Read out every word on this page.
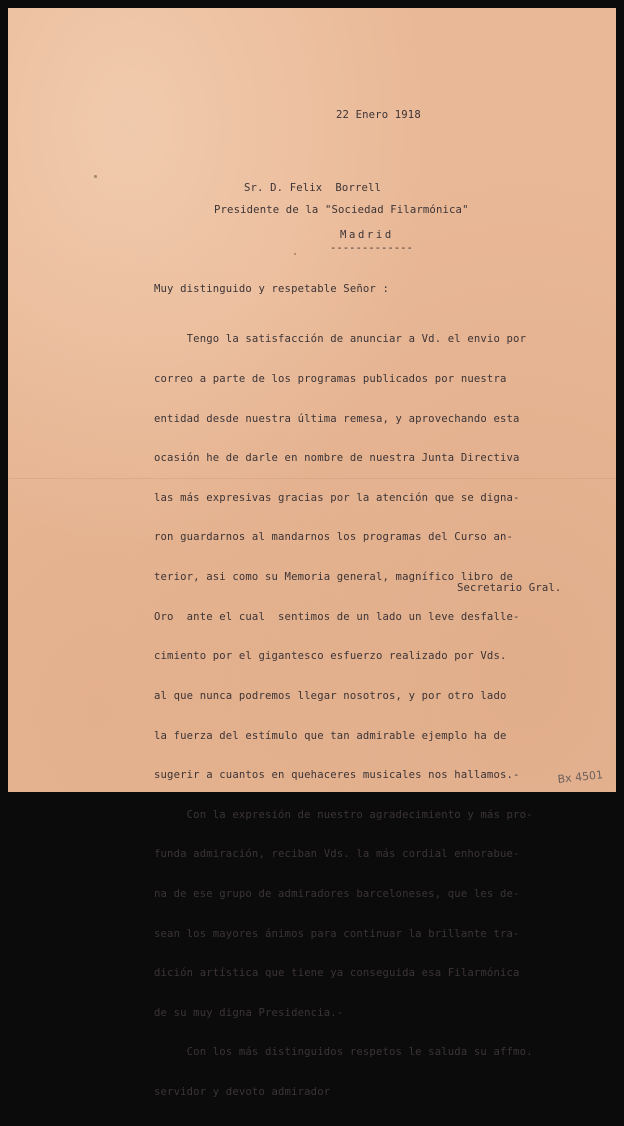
22 Enero 1918
Sr. D. Felix  Borrell
Presidente de la "Sociedad Filarmónica"
Madrid
-------------
Muy distinguido y respetable Señor :

Tengo la satisfacción de anunciar a Vd. el envio por

correo a parte de los programas publicados por nuestra

entidad desde nuestra última remesa, y aprovechando esta

ocasión he de darle en nombre de nuestra Junta Directiva

las más expresivas gracias por la atención que se digna-

ron guardarnos al mandarnos los programas del Curso an-

terior, asi como su Memoria general, magnífico libro de

Oro  ante el cual  sentimos de un lado un leve desfalle-

cimiento por el gigantesco esfuerzo realizado por Vds.

al que nunca podremos llegar nosotros, y por otro lado

la fuerza del estímulo que tan admirable ejemplo ha de

sugerir a cuantos en quehaceres musicales nos hallamos.-

Con la expresión de nuestro agradecimiento y más pro-

funda admiración, reciban Vds. la más cordial enhorabue-

na de ese grupo de admiradores barceloneses, que les de-

sean los mayores ánimos para continuar la brillante tra-

dición artística que tiene ya conseguida esa Filarmónica

de su muy digna Presidencia.-

Con los más distinguidos respetos le saluda su affmo.

servidor y devoto admirador

Secretario Gral.
Bx 4501
